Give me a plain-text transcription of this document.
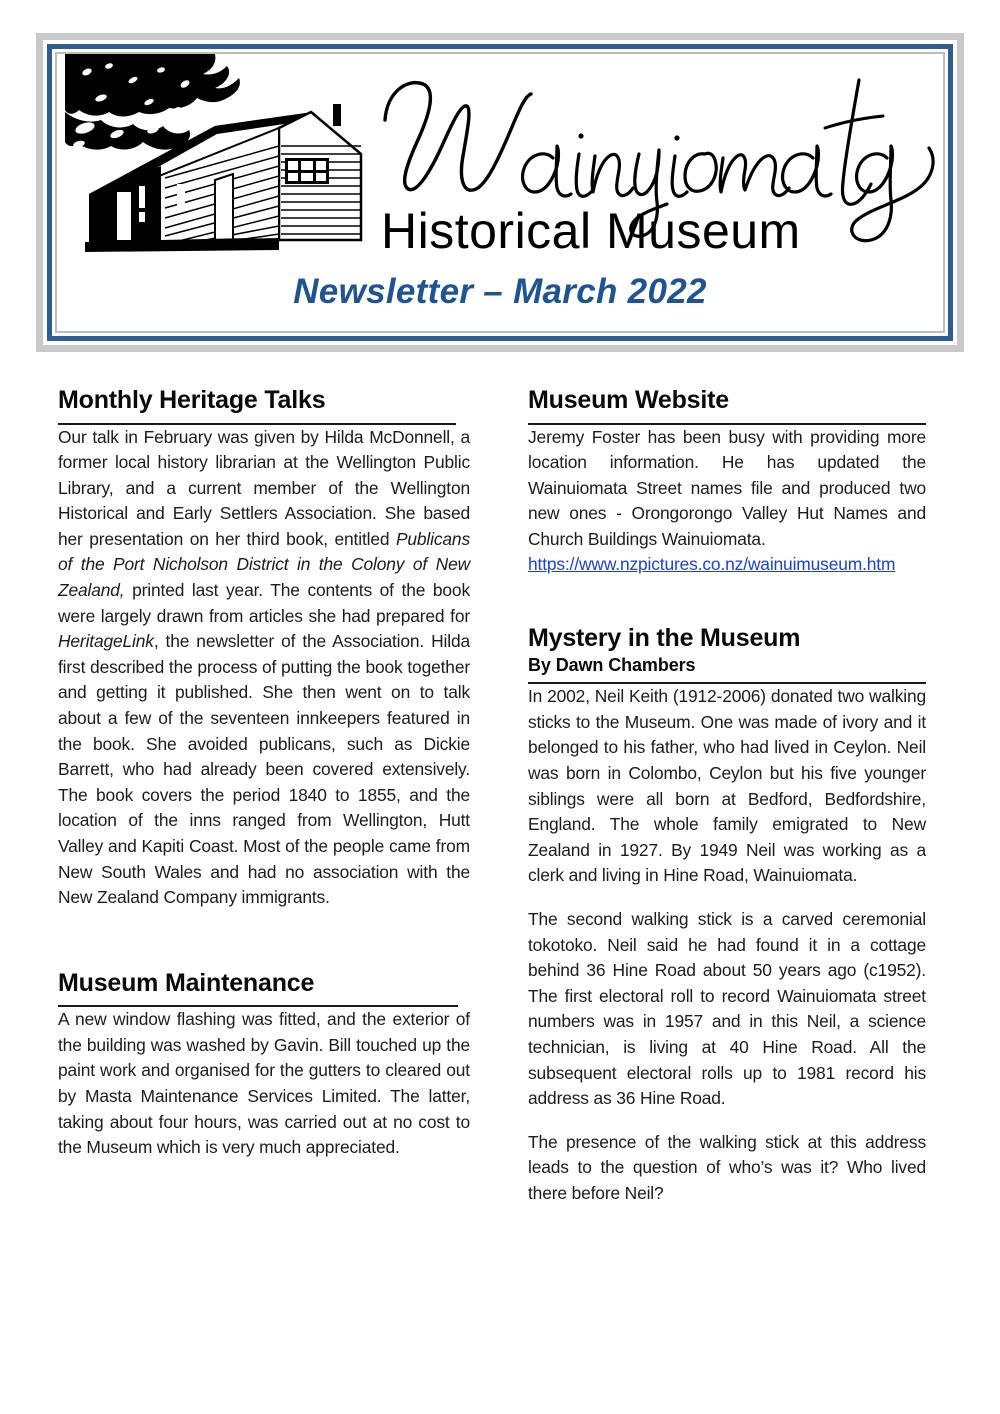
Historical Museum
Newsletter – March 2022
Monthly Heritage Talks

Our talk in February was given by Hilda McDonnell, a former local history librarian at the Wellington Public Library, and a current member of the Wellington Historical and Early Settlers Association. She based her presentation on her third book, entitled Publicans of the Port Nicholson District in the Colony of New Zealand, printed last year. The contents of the book were largely drawn from articles she had prepared for HeritageLink, the newsletter of the Association. Hilda first described the process of putting the book together and getting it published. She then went on to talk about a few of the seventeen innkeepers featured in the book. She avoided publicans, such as Dickie Barrett, who had already been covered extensively. The book covers the period 1840 to 1855, and the location of the inns ranged from Wellington, Hutt Valley and Kapiti Coast. Most of the people came from New South Wales and had no association with the New Zealand Company immigrants.

Museum Maintenance

A new window flashing was fitted, and the exterior of the building was washed by Gavin. Bill touched up the paint work and organised for the gutters to cleared out by Masta Maintenance Services Limited. The latter, taking about four hours, was carried out at no cost to the Museum which is very much appreciated.

Museum Website

Jeremy Foster has been busy with providing more location information. He has updated the Wainuiomata Street names file and produced two new ones - Orongorongo Valley Hut Names and Church Buildings Wainuiomata.
https://www.nzpictures.co.nz/wainuimuseum.htm

Mystery in the Museum
By Dawn Chambers

In 2002, Neil Keith (1912-2006) donated two walking sticks to the Museum. One was made of ivory and it belonged to his father, who had lived in Ceylon. Neil was born in Colombo, Ceylon but his five younger siblings were all born at Bedford, Bedfordshire, England. The whole family emigrated to New Zealand in 1927. By 1949 Neil was working as a clerk and living in Hine Road, Wainuiomata.

The second walking stick is a carved ceremonial tokotoko. Neil said he had found it in a cottage behind 36 Hine Road about 50 years ago (c1952). The first electoral roll to record Wainuiomata street numbers was in 1957 and in this Neil, a science technician, is living at 40 Hine Road. All the subsequent electoral rolls up to 1981 record his address as 36 Hine Road.

The presence of the walking stick at this address leads to the question of who’s was it? Who lived there before Neil?
